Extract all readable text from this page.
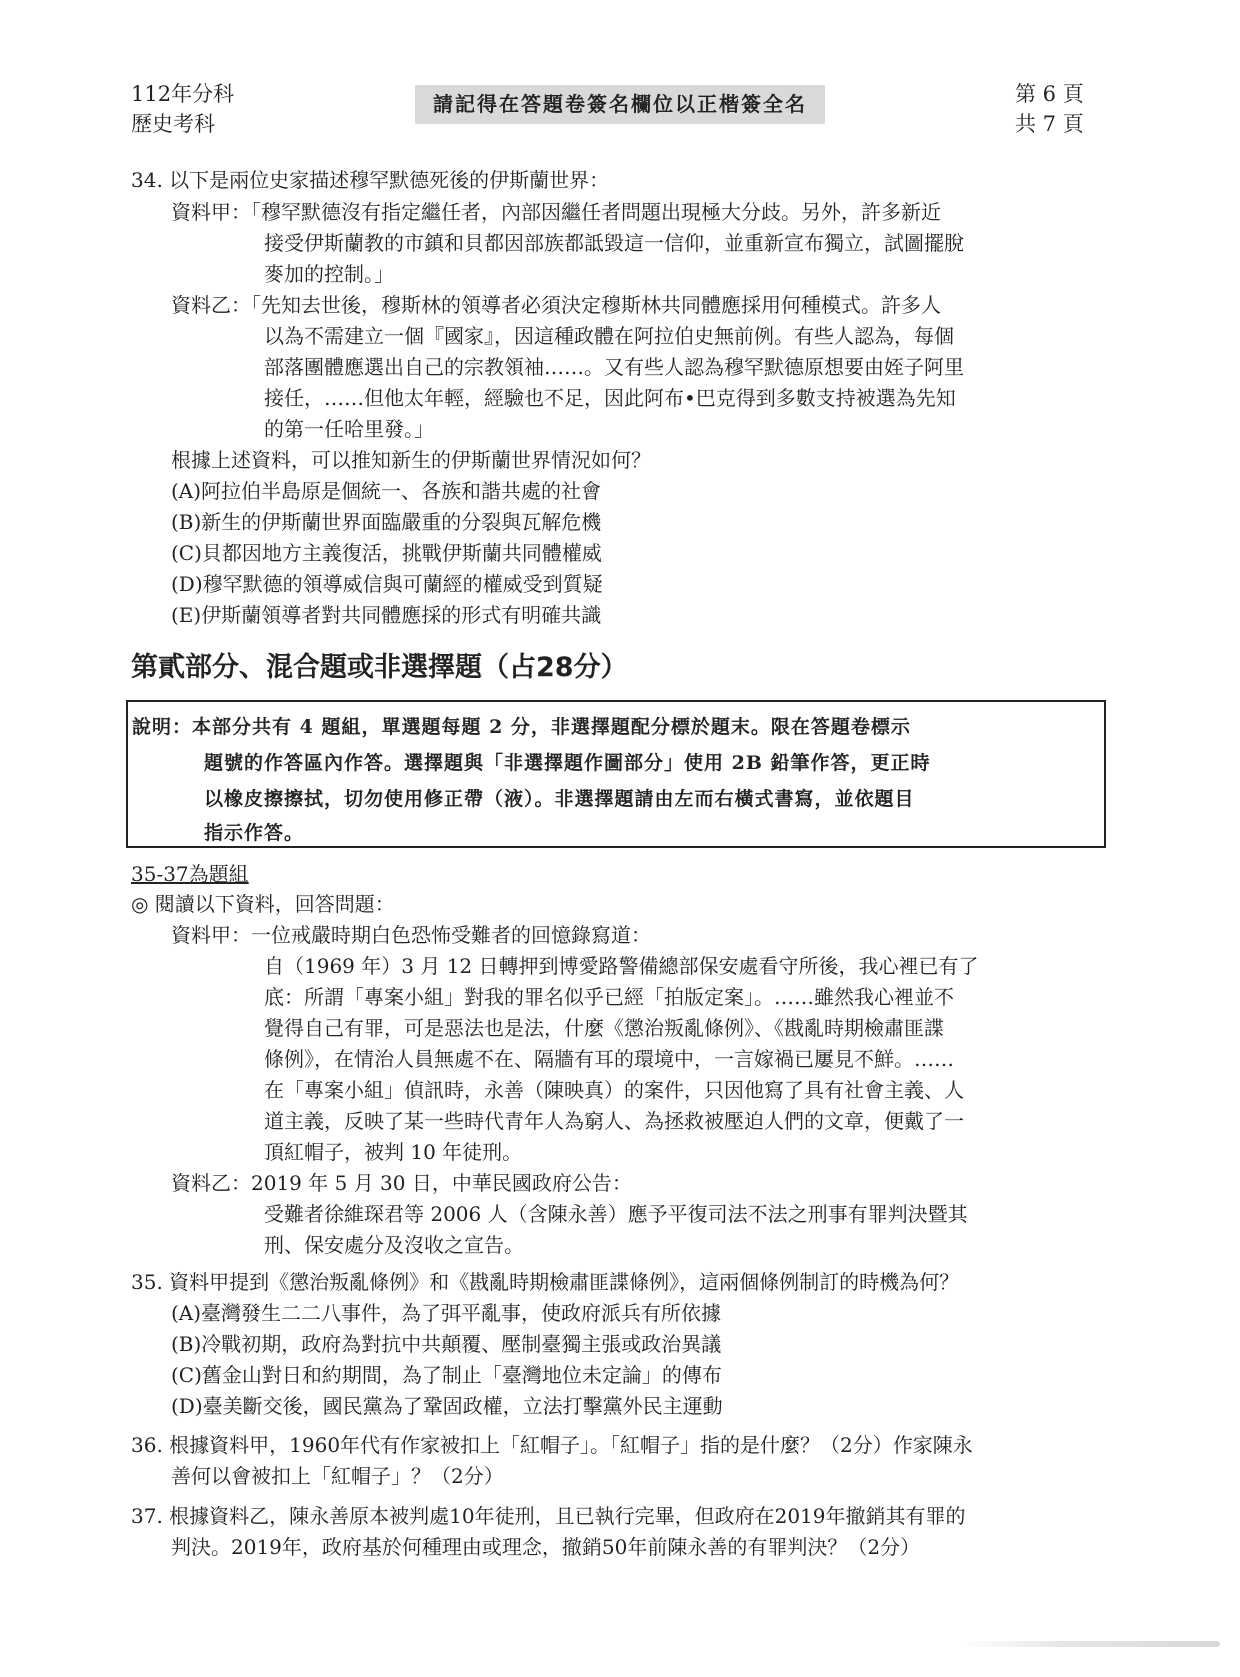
112年分科
歷史考科
請記得在答題卷簽名欄位以正楷簽全名	第 6 頁
共 7 頁
34. 以下是兩位史家描述穆罕默德死後的伊斯蘭世界：
資料甲：「穆罕默德沒有指定繼任者，內部因繼任者問題出現極大分歧。另外，許多新近
接受伊斯蘭教的市鎮和貝都因部族都詆毀這一信仰，並重新宣布獨立，試圖擺脫
麥加的控制。」
資料乙：「先知去世後，穆斯林的領導者必須決定穆斯林共同體應採用何種模式。許多人
以為不需建立一個『國家』，因這種政體在阿拉伯史無前例。有些人認為，每個
部落團體應選出自己的宗教領袖……。又有些人認為穆罕默德原想要由姪子阿里
接任，……但他太年輕，經驗也不足，因此阿布•巴克得到多數支持被選為先知
的第一任哈里發。」
根據上述資料，可以推知新生的伊斯蘭世界情況如何？
(A)阿拉伯半島原是個統一、各族和諧共處的社會
(B)新生的伊斯蘭世界面臨嚴重的分裂與瓦解危機
(C)貝都因地方主義復活，挑戰伊斯蘭共同體權威
(D)穆罕默德的領導威信與可蘭經的權威受到質疑
(E)伊斯蘭領導者對共同體應採的形式有明確共識
第貳部分、混合題或非選擇題（占28分）
說明：本部分共有 4 題組，單選題每題 2 分，非選擇題配分標於題末。限在答題卷標示
題號的作答區內作答。選擇題與「非選擇題作圖部分」使用 2B 鉛筆作答，更正時
以橡皮擦擦拭，切勿使用修正帶（液）。非選擇題請由左而右橫式書寫，並依題目
指示作答。
35-37為題組
◎ 閱讀以下資料，回答問題：
資料甲：一位戒嚴時期白色恐怖受難者的回憶錄寫道：
自（1969 年）3 月 12 日轉押到博愛路警備總部保安處看守所後，我心裡已有了
底：所謂「專案小組」對我的罪名似乎已經「拍版定案」。……雖然我心裡並不
覺得自己有罪，可是惡法也是法，什麼《懲治叛亂條例》、《戡亂時期檢肅匪諜
條例》，在情治人員無處不在、隔牆有耳的環境中，一言嫁禍已屢見不鮮。……
在「專案小組」偵訊時，永善（陳映真）的案件，只因他寫了具有社會主義、人
道主義，反映了某一些時代青年人為窮人、為拯救被壓迫人們的文章，便戴了一
頂紅帽子，被判 10 年徒刑。
資料乙：2019 年 5 月 30 日，中華民國政府公告：
受難者徐維琛君等 2006 人（含陳永善）應予平復司法不法之刑事有罪判決暨其
刑、保安處分及沒收之宣告。
35. 資料甲提到《懲治叛亂條例》和《戡亂時期檢肅匪諜條例》，這兩個條例制訂的時機為何？
(A)臺灣發生二二八事件，為了弭平亂事，使政府派兵有所依據
(B)冷戰初期，政府為對抗中共顛覆、壓制臺獨主張或政治異議
(C)舊金山對日和約期間，為了制止「臺灣地位未定論」的傳布
(D)臺美斷交後，國民黨為了鞏固政權，立法打擊黨外民主運動
36. 根據資料甲，1960年代有作家被扣上「紅帽子」。「紅帽子」指的是什麼？（2分）作家陳永
善何以會被扣上「紅帽子」？（2分）
37. 根據資料乙，陳永善原本被判處10年徒刑，且已執行完畢，但政府在2019年撤銷其有罪的
判決。2019年，政府基於何種理由或理念，撤銷50年前陳永善的有罪判決？（2分）
